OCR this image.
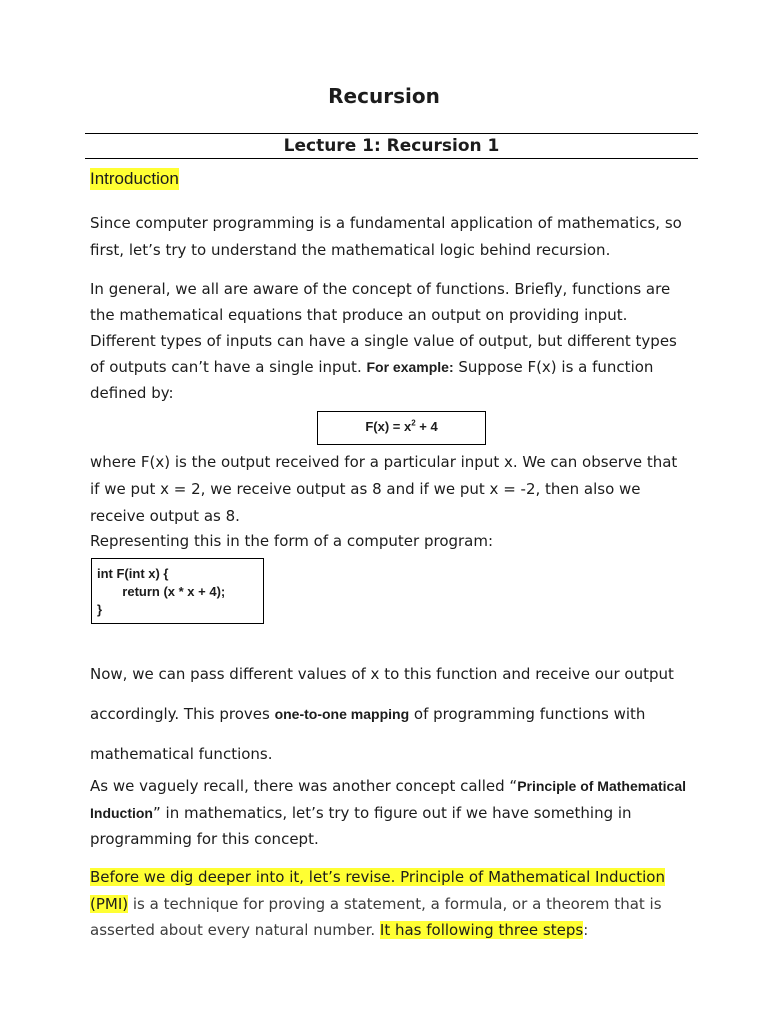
Recursion
Lecture 1: Recursion 1
Introduction

Since computer programming is a fundamental application of mathematics, so first, let’s try to understand the mathematical logic behind recursion.

In general, we all are aware of the concept of functions. Briefly, functions are the mathematical equations that produce an output on providing input. Different types of inputs can have a single value of output, but different types of outputs can’t have a single input. For example: Suppose F(x) is a function defined by:

$F(x) = x^2 + 4$

where F(x) is the output received for a particular input x. We can observe that if we put x = 2, we receive output as 8 and if we put x = -2, then also we receive output as 8.

Representing this in the form of a computer program:

int F(int x) {
return (x * x + 4);
}

Now, we can pass different values of x to this function and receive our output accordingly. This proves one-to-one mapping of programming functions with mathematical functions.

As we vaguely recall, there was another concept called “Principle of Mathematical Induction” in mathematics, let’s try to figure out if we have something in programming for this concept.

Before we dig deeper into it, let’s revise. Principle of Mathematical Induction (PMI) is a technique for proving a statement, a formula, or a theorem that is asserted about every natural number. It has following three steps:
